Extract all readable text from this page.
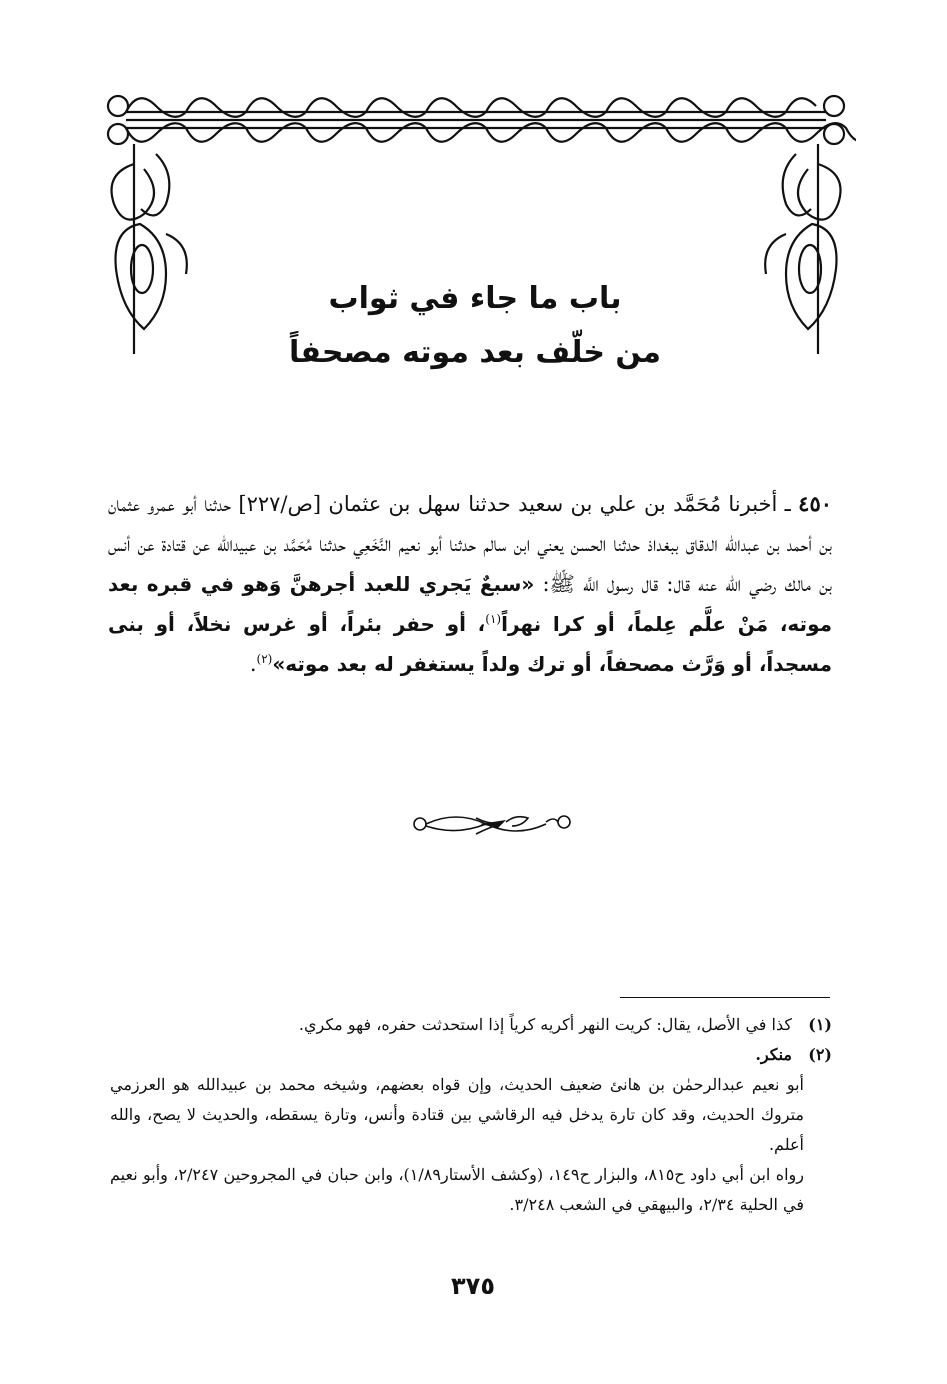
باب ما جاء في ثواب
من خلّف بعد موته مصحفاً
٤٥٠ ـ أخبرنا مُحَمَّد بن علي بن سعيد حدثنا سهل بن عثمان [ص/٢٢٧] حدثنا أبو عمرو عثمان بن أحمد بن عبدالله الدقاق ببغداذ حدثنا الحسن يعني ابن سالم حدثنا أبو نعيم النَّخَعِي حدثنا مُحَمَّد بن عبيدالله عن قتادة عن أنس بن مالك رضي الله عنه قال: قال رسول اللَّه ﷺ: «سبعٌ يَجري للعبد أجرهنَّ وَهو في قبره بعد موته، مَنْ علَّم عِلماً، أو كرا نهراً$^{(١)}$، أو حفر بئراً، أو غرس نخلاً، أو بنى مسجداً، أو وَرَّث مصحفاً، أو ترك ولداً يستغفر له بعد موته»$^{(٢)}$.

(١)كذا في الأصل، يقال: كريت النهر أكريه كرياً إذا استحدثت حفره، فهو مكري.

(٢)منكر.

أبو نعيم عبدالرحمٰن بن هانئ ضعيف الحديث، وإن قواه بعضهم، وشيخه محمد بن عبيدالله هو العرزمي متروك الحديث، وقد كان تارة يدخل فيه الرقاشي بين قتادة وأنس، وتارة يسقطه، والحديث لا يصح، والله أعلم.

رواه ابن أبي داود ح٨١٥، والبزار ح١٤٩، (وكشف الأستار١/٨٩)، وابن حبان في المجروحين ٢/٢٤٧، وأبو نعيم في الحلية ٢/٣٤، والبيهقي في الشعب ٣/٢٤٨.

٣٧٥
